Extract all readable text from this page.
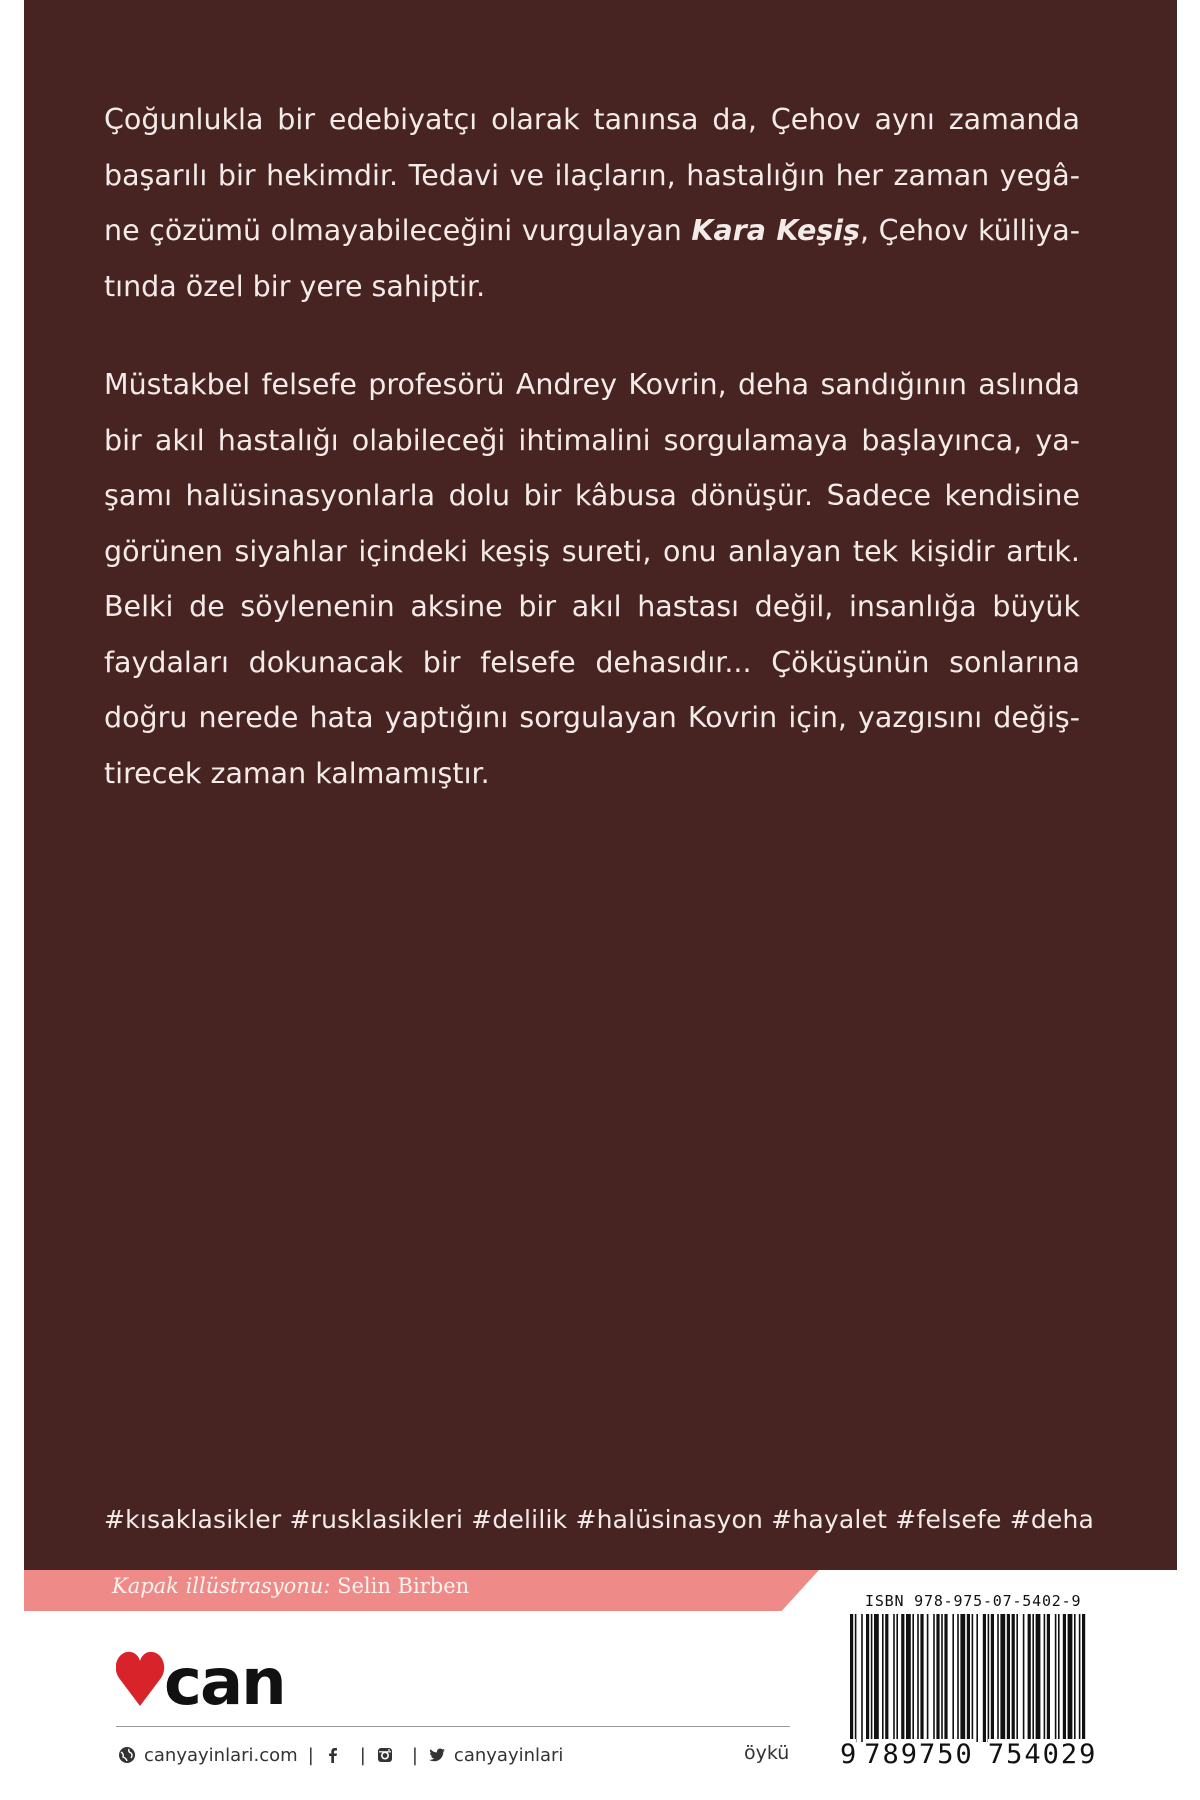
Çoğunlukla bir edebiyatçı olarak tanınsa da, Çehov aynı zamanda
başarılı bir hekimdir. Tedavi ve ilaçların, hastalığın her zaman yegâ-
ne çözümü olmayabileceğini vurgulayan Kara Keşiş, Çehov külliya-
tında özel bir yere sahiptir.
Müstakbel felsefe profesörü Andrey Kovrin, deha sandığının aslında
bir akıl hastalığı olabileceği ihtimalini sorgulamaya başlayınca, ya-
şamı halüsinasyonlarla dolu bir kâbusa dönüşür. Sadece kendisine
görünen siyahlar içindeki keşiş sureti, onu anlayan tek kişidir artık.
Belki de söylenenin aksine bir akıl hastası değil, insanlığa büyük
faydaları dokunacak bir felsefe dehasıdır... Çöküşünün sonlarına
doğru nerede hata yaptığını sorgulayan Kovrin için, yazgısını değiş-
tirecek zaman kalmamıştır.
#kısaklasikler #rusklasikleri #delilik #halüsinasyon #hayalet #felsefe #deha
Kapak illüstrasyonu: Selin Birben
can
canyayinlari.com |	|	| canyayinlari	öykü
ISBN 978-975-07-5402-9
9 789750 754029
